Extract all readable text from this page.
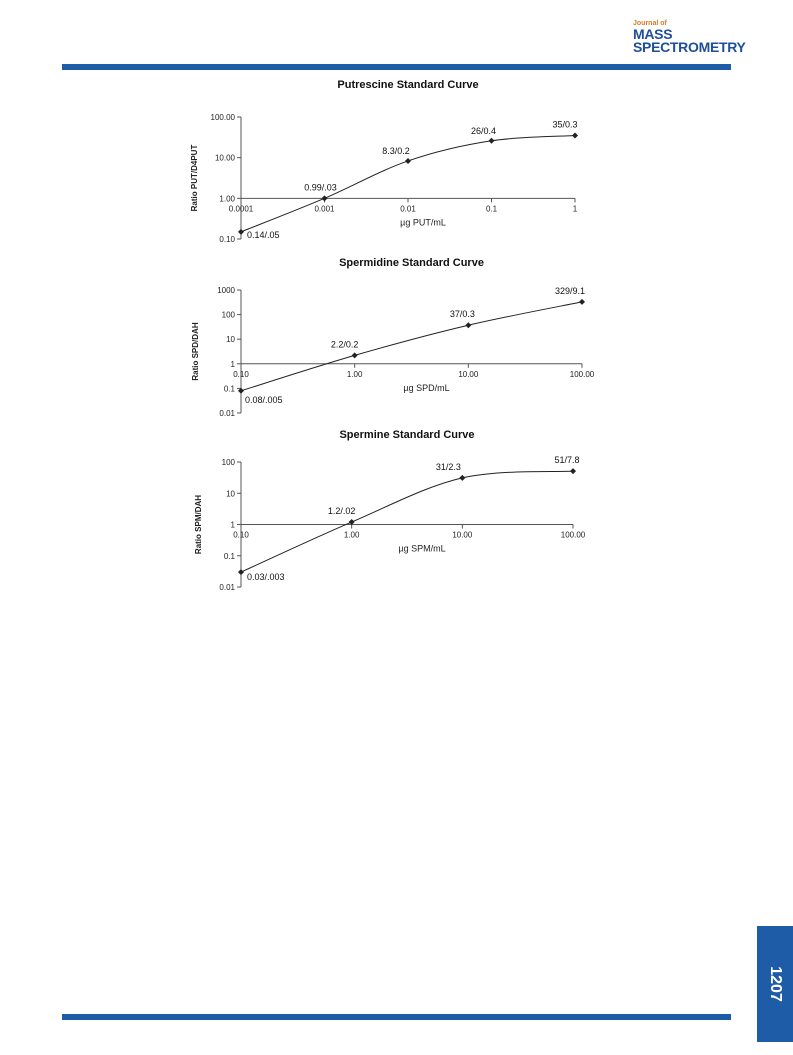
Journal of
MASS
SPECTROMETRY
1207
Putrescine Standard Curve
0.10
1.00
10.00
100.00
0.0001	0.001	0.01	0.1	1
µg PUT/mL
Ratio PUT/D4PUT
0.14/.05
0.99/.03
8.3/0.2
26/0.4
35/0.3
Spermidine Standard Curve
0.01
0.1
1
10
100
1000
0.10	1.00	10.00	100.00
µg SPD/mL
Ratio SPD/DAH
0.08/.005
2.2/0.2
37/0.3
329/9.1
Spermine Standard Curve
0.01
0.1
1
10
100
0.10	1.00	10.00	100.00
µg SPM/mL
Ratio SPM/DAH
0.03/.003
1.2/.02
31/2.3
51/7.8
